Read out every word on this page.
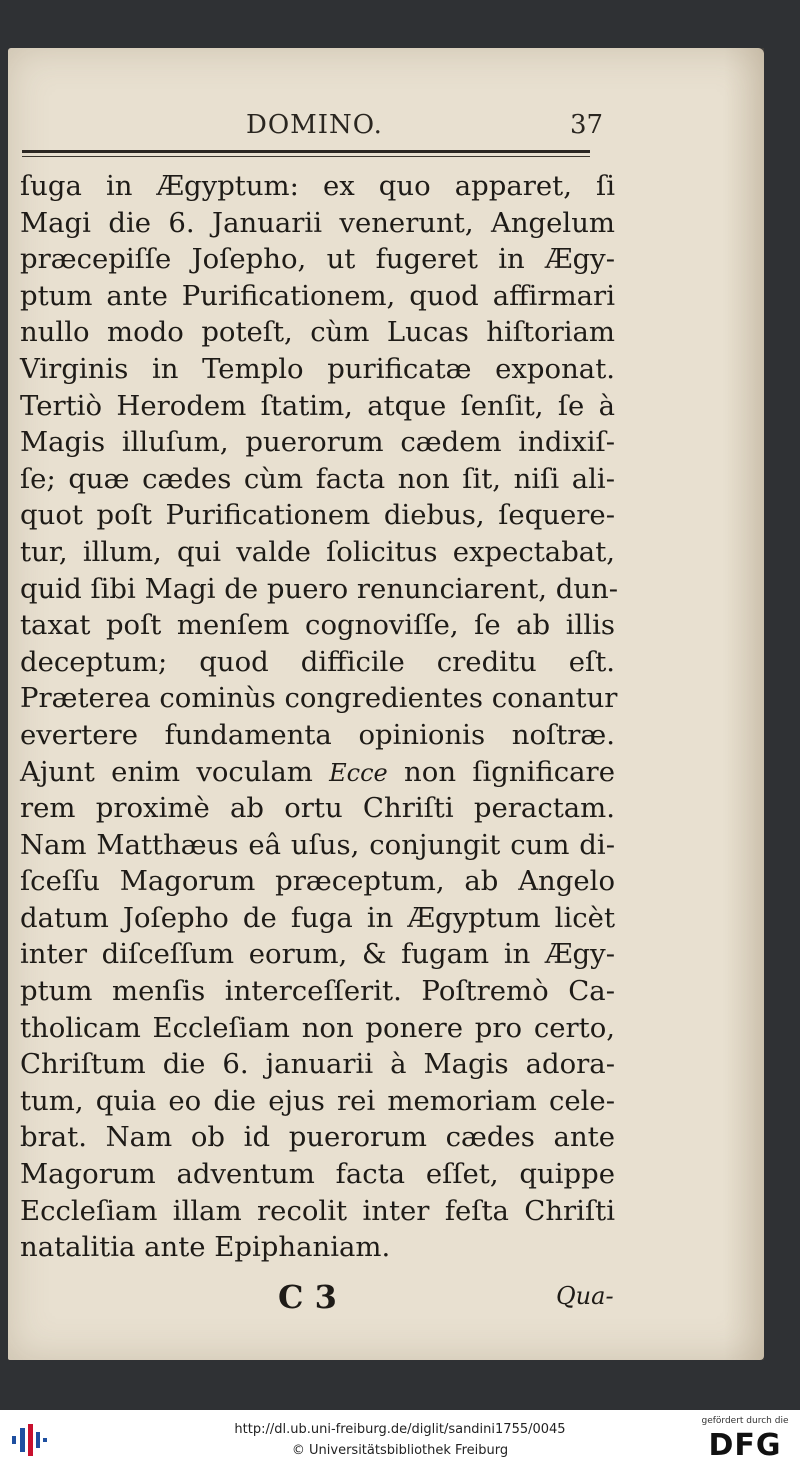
DOMINO.	37
ſuga in Ægyptum: ex quo apparet, ſi
Magi die 6. Januarii venerunt, Angelum
præcepiſſe Joſepho, ut fugeret in Ægy-
ptum ante Purificationem, quod affirmari
nullo modo poteſt, cùm Lucas hiſtoriam
Virginis in Templo purificatæ exponat.
Tertiò Herodem ſtatim, atque ſenſit, ſe à
Magis illuſum, puerorum cædem indixiſ-
ſe; quæ cædes cùm facta non ſit, niſi ali-
quot poſt Purificationem diebus, ſequere-
tur, illum, qui valde ſolicitus expectabat,
quid ſibi Magi de puero renunciarent, dun-
taxat poſt menſem cognoviſſe, ſe ab illis
deceptum; quod difficile creditu eſt.
Præterea cominùs congredientes conantur
evertere fundamenta opinionis noſtræ.
Ajunt enim voculam Ecce non ſignificare
rem proximè ab ortu Chriſti peractam.
Nam Matthæus eâ uſus, conjungit cum di-
ſceſſu Magorum præceptum, ab Angelo
datum Joſepho de fuga in Ægyptum licèt
inter diſceſſum eorum, & fugam in Ægy-
ptum menſis interceſſerit. Poſtremò Ca-
tholicam Eccleſiam non ponere pro certo,
Chriſtum die 6. januarii à Magis adora-
tum, quia eo die ejus rei memoriam cele-
brat. Nam ob id puerorum cædes ante
Magorum adventum facta eſſet, quippe
Eccleſiam illam recolit inter feſta Chriſti
natalitia ante Epiphaniam.
C 3	Qua-
http://dl.ub.uni-freiburg.de/diglit/sandini1755/0045
© Universitätsbibliothek Freiburg
gefördert durch die
DFG
